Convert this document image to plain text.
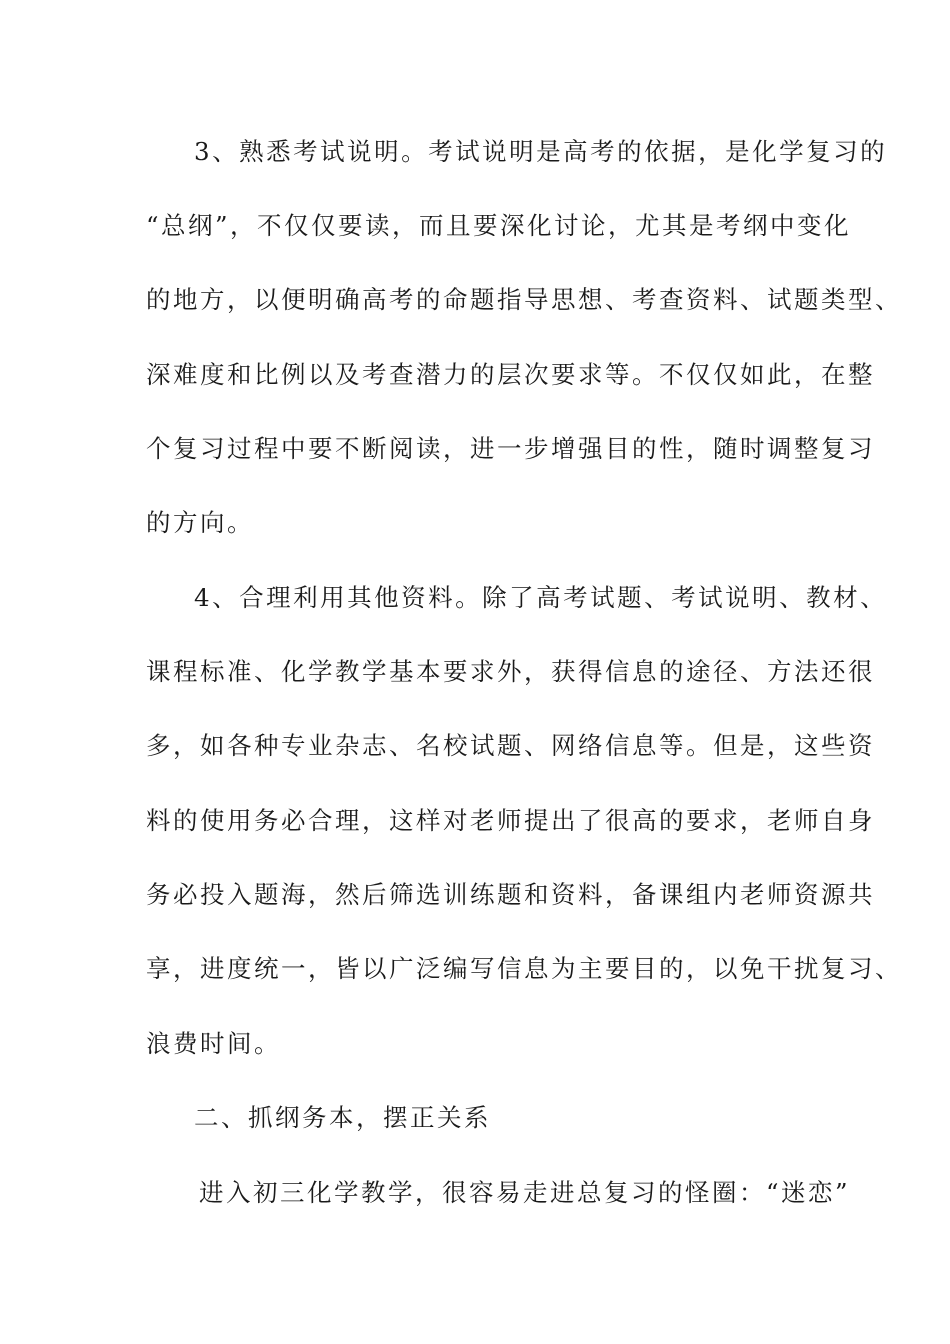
3、熟悉考试说明。考试说明是高考的依据，是化学复习的

“总纲”，不仅仅要读，而且要深化讨论，尤其是考纲中变化

的地方，以便明确高考的命题指导思想、考查资料、试题类型、

深难度和比例以及考查潜力的层次要求等。不仅仅如此，在整

个复习过程中要不断阅读，进一步增强目的性，随时调整复习

的方向。

4、合理利用其他资料。除了高考试题、考试说明、教材、

课程标准、化学教学基本要求外，获得信息的途径、方法还很

多，如各种专业杂志、名校试题、网络信息等。但是，这些资

料的使用务必合理，这样对老师提出了很高的要求，老师自身

务必投入题海，然后筛选训练题和资料，备课组内老师资源共

享，进度统一，皆以广泛编写信息为主要目的，以免干扰复习、

浪费时间。

二、抓纲务本，摆正关系

进入初三化学教学，很容易走进总复习的怪圈：“迷恋”
